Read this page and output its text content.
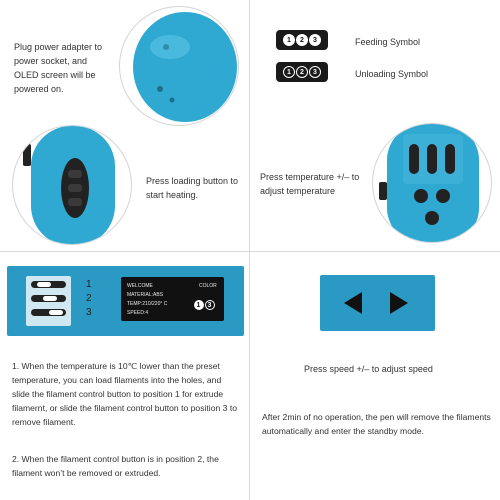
Plug power adapter to power socket, and OLED screen will be powered on.
Press loading button to start heating.
1	2	3	Feeding Symbol
1	2	3	Unloading Symbol
Press temperature +/– to adjust temperature
1
2
3
WELCOME	COLOR
MATERIAL:ABS
TEMP:210/220° C
SPEED:4
1	3
1. When the temperature is 10℃ lower than the preset temperature, you can load filaments into the holes, and slide the filament control button to position 1 for extrude filamernt, or slide the filament control button to position 3 to remove filament.
2. When the filament control button is in position 2, the filament won’t be removed or extruded.
Press speed +/– to adjust speed
After 2min of no operation, the pen will remove the filaments automatically and enter the standby mode.
